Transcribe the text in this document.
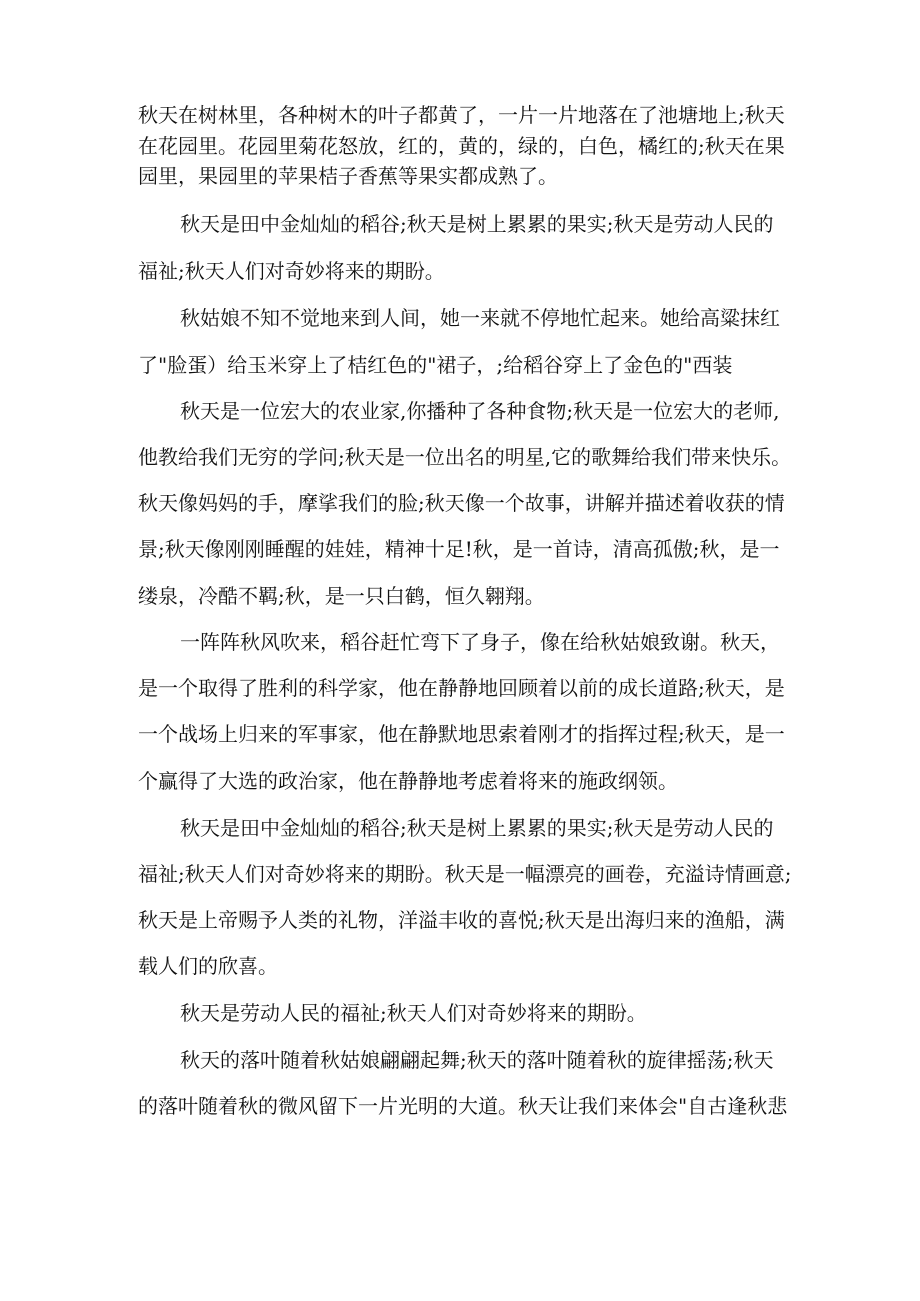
秋天在树林里，各种树木的叶子都黄了，一片一片地落在了池塘地上;秋天
在花园里。花园里菊花怒放，红的，黄的，绿的，白色，橘红的;秋天在果
园里，果园里的苹果桔子香蕉等果实都成熟了。
秋天是田中金灿灿的稻谷;秋天是树上累累的果实;秋天是劳动人民的
福祉;秋天人们对奇妙将来的期盼。
秋姑娘不知不觉地来到人间，她一来就不停地忙起来。她给高粱抹红
了"脸蛋）给玉米穿上了桔红色的"裙子，;给稻谷穿上了金色的"西装
秋天是一位宏大的农业家,你播种了各种食物;秋天是一位宏大的老师,
他教给我们无穷的学问;秋天是一位出名的明星,它的歌舞给我们带来快乐。
秋天像妈妈的手，摩挲我们的脸;秋天像一个故事，讲解并描述着收获的情
景;秋天像刚刚睡醒的娃娃，精神十足!秋，是一首诗，清高孤傲;秋，是一
缕泉，冷酷不羁;秋，是一只白鹤，恒久翱翔。
一阵阵秋风吹来，稻谷赶忙弯下了身子，像在给秋姑娘致谢。秋天，
是一个取得了胜利的科学家，他在静静地回顾着以前的成长道路;秋天，是
一个战场上归来的军事家，他在静默地思索着刚才的指挥过程;秋天，是一
个赢得了大选的政治家，他在静静地考虑着将来的施政纲领。
秋天是田中金灿灿的稻谷;秋天是树上累累的果实;秋天是劳动人民的
福祉;秋天人们对奇妙将来的期盼。秋天是一幅漂亮的画卷，充溢诗情画意;
秋天是上帝赐予人类的礼物，洋溢丰收的喜悦;秋天是出海归来的渔船，满
载人们的欣喜。
秋天是劳动人民的福祉;秋天人们对奇妙将来的期盼。
秋天的落叶随着秋姑娘翩翩起舞;秋天的落叶随着秋的旋律摇荡;秋天
的落叶随着秋的微风留下一片光明的大道。秋天让我们来体会"自古逢秋悲
